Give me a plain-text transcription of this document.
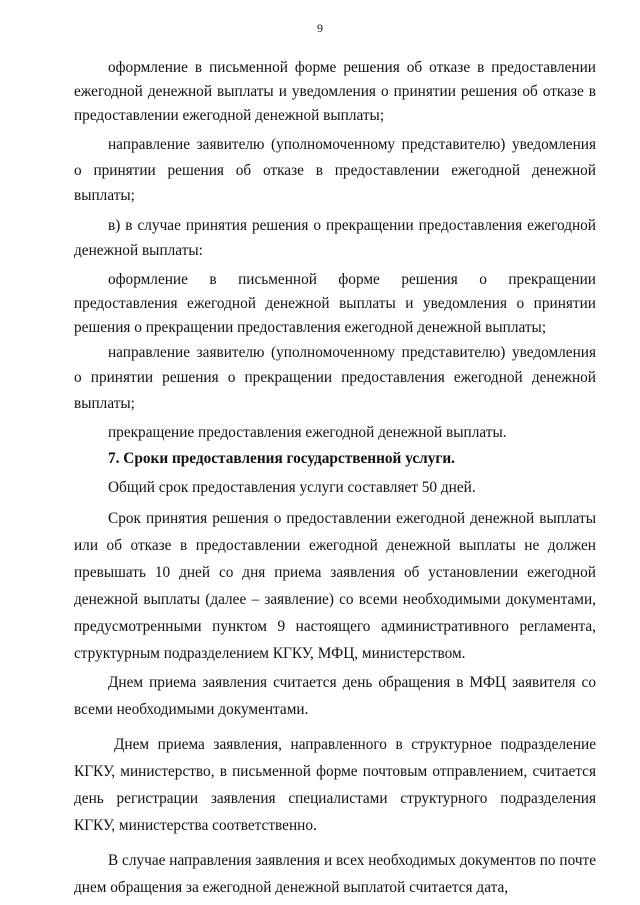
9

оформление в письменной форме решения об отказе в предоставлении ежегодной денежной выплаты и уведомления о принятии решения об отказе в предоставлении ежегодной денежной выплаты;

направление заявителю (уполномоченному представителю) уведомления о принятии решения об отказе в предоставлении ежегодной денежной выплаты;

в) в случае принятия решения о прекращении предоставления ежегодной денежной выплаты:

оформление в письменной форме решения о прекращении предоставления ежегодной денежной выплаты и уведомления о принятии решения о прекращении предоставления ежегодной денежной выплаты;

направление заявителю (уполномоченному представителю) уведомления о принятии решения о прекращении предоставления ежегодной денежной выплаты;

прекращение предоставления ежегодной денежной выплаты.

7. Сроки предоставления государственной услуги.

Общий срок предоставления услуги составляет 50 дней.

Срок принятия решения о предоставлении ежегодной денежной выплаты или об отказе в предоставлении ежегодной денежной выплаты не должен превышать 10 дней со дня приема заявления об установлении ежегодной денежной выплаты (далее – заявление) со всеми необходимыми документами, предусмотренными пунктом 9 настоящего административного регламента, структурным подразделением КГКУ, МФЦ, министерством.

Днем приема заявления считается день обращения в МФЦ заявителя со всеми необходимыми документами.

Днем приема заявления, направленного в структурное подразделение КГКУ, министерство, в письменной форме почтовым отправлением, считается день регистрации заявления специалистами структурного подразделения КГКУ, министерства соответственно.

В случае направления заявления и всех необходимых документов по почте днем обращения за ежегодной денежной выплатой считается дата,
